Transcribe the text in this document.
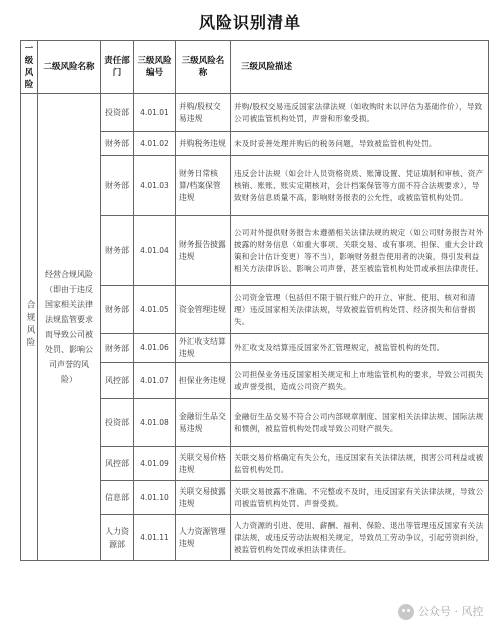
风险识别清单
一级风险	二级风险名称	责任部门	三级风险编号	三级风险名称	三级风险描述
合规风险	经营合规风险（即由于违反国家相关法律法规监管要求而导致公司被处罚、影响公司声誉的风险）	投资部	4.01.01	并购/股权交易违规	并购/股权交易违反国家法律法规（如收购时未以评估为基础作价），导致公司被监管机构处罚，声誉和形象受损。
		财务部	4.01.02	并购税务违规	未及时妥善处理并购后的税务问题，导致被监管机构处罚。
		财务部	4.01.03	财务日常核算/档案保管违规	违反会计法规（如会计人员资格资质、账簿设置、凭证填制和审核、资产核销、账账、账实定期核对，会计档案保管等方面不符合法规要求），导致财务信息质量不高，影响财务报表的公允性，或被监管机构处罚。
		财务部	4.01.04	财务报告披露违规	公司对外提供财务报告未遵循相关法律法规的规定（如公司财务报告对外披露的财务信息（如重大事项、关联交易、或有事项、担保、重大会计政策和会计估计变更）等不当），影响财务报告使用者的决策，得引发利益相关方法律诉讼、影响公司声誉，甚至被监管机构处罚或承担法律责任。
		财务部	4.01.05	资金管理违规	公司资金管理（包括但不限于银行账户的开立、审批、使用、核对和清理）违反国家相关法律法规，导致被监管机构处罚、经济损失和信誉损失。
		财务部	4.01.06	外汇收支结算违规	外汇收支及结算违反国家外汇管理规定，被监管机构的处罚。
		风控部	4.01.07	担保业务违规	公司担保业务违反国家相关规定和上市地监管机构的要求，导致公司损失或声誉受损，造成公司资产损失。
		投资部	4.01.08	金融衍生品交易违规	金融衍生品交易不符合公司内部规章制度、国家相关法律法规、国际法规和惯例，被监管机构处罚或导致公司财产损失。
		风控部	4.01.09	关联交易价格违规	关联交易价格确定有失公允，违反国家有关法律法规，损害公司利益或被监管机构处罚。
		信息部	4.01.10	关联交易披露违规	关联交易披露不准确、不完整或不及时，违反国家有关法律法规，导致公司被监管机构处罚、声誉受损。
		人力资源部	4.01.11	人力资源管理违规	人力资源的引进、使用、薪酬、福利、保险、退出等管理违反国家有关法律法规，或违反劳动法规相关规定，导致员工劳动争议，引起劳资纠纷，被监管机构处罚或承担法律责任。
公众号 · 风控
